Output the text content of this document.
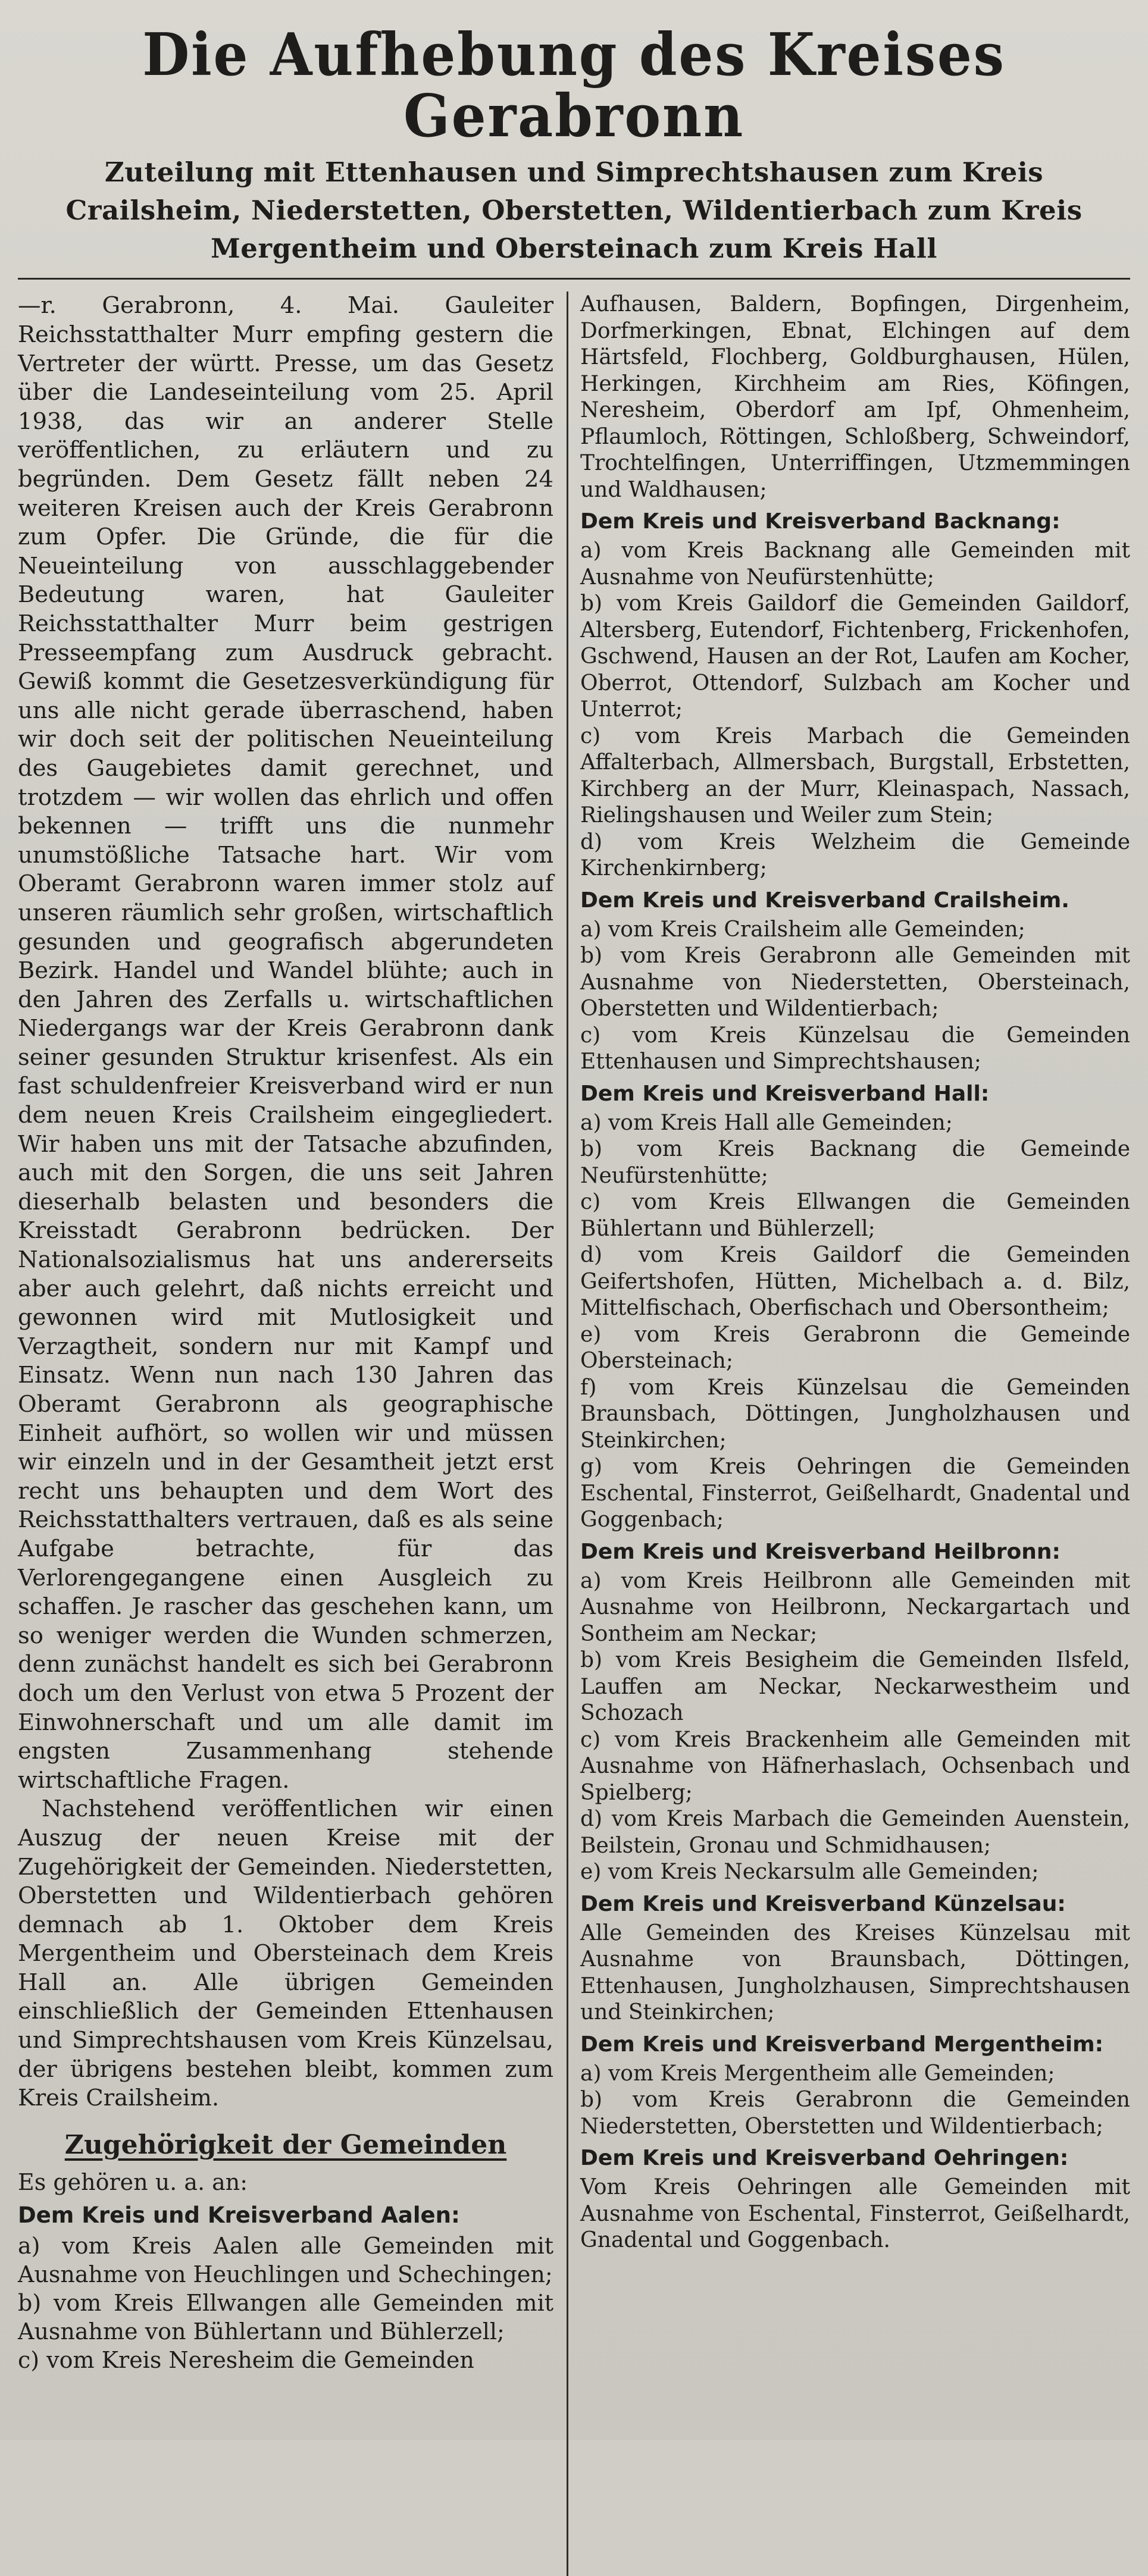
Die Aufhebung des Kreises Gerabronn

Zuteilung mit Ettenhausen und Simprechtshausen zum Kreis Crailsheim, Niederstetten, Oberstetten, Wildentierbach zum Kreis Mergentheim und Obersteinach zum Kreis Hall

—r. Gerabronn, 4. Mai. Gauleiter Reichsstatthalter Murr empfing gestern die Vertreter der württ. Presse, um das Gesetz über die Landeseinteilung vom 25. April 1938, das wir an anderer Stelle veröffentlichen, zu erläutern und zu begründen. Dem Gesetz fällt neben 24 weiteren Kreisen auch der Kreis Gerabronn zum Opfer. Die Gründe, die für die Neueinteilung von ausschlaggebender Bedeutung waren, hat Gauleiter Reichsstatthalter Murr beim gestrigen Presseempfang zum Ausdruck gebracht. Gewiß kommt die Gesetzesverkündigung für uns alle nicht gerade überraschend, haben wir doch seit der politischen Neueinteilung des Gaugebietes damit gerechnet, und trotzdem — wir wollen das ehrlich und offen bekennen — trifft uns die nunmehr unumstößliche Tatsache hart. Wir vom Oberamt Gerabronn waren immer stolz auf unseren räumlich sehr großen, wirtschaftlich gesunden und geografisch abgerundeten Bezirk. Handel und Wandel blühte; auch in den Jahren des Zerfalls u. wirtschaftlichen Niedergangs war der Kreis Gerabronn dank seiner gesunden Struktur krisenfest. Als ein fast schuldenfreier Kreisverband wird er nun dem neuen Kreis Crailsheim eingegliedert. Wir haben uns mit der Tatsache abzufinden, auch mit den Sorgen, die uns seit Jahren dieserhalb belasten und besonders die Kreisstadt Gerabronn bedrücken. Der Nationalsozialismus hat uns andererseits aber auch gelehrt, daß nichts erreicht und gewonnen wird mit Mutlosigkeit und Verzagtheit, sondern nur mit Kampf und Einsatz. Wenn nun nach 130 Jahren das Oberamt Gerabronn als geographische Einheit aufhört, so wollen wir und müssen wir einzeln und in der Gesamtheit jetzt erst recht uns behaupten und dem Wort des Reichsstatthalters vertrauen, daß es als seine Aufgabe betrachte, für das Verlorengegangene einen Ausgleich zu schaffen. Je rascher das geschehen kann, um so weniger werden die Wunden schmerzen, denn zunächst handelt es sich bei Gerabronn doch um den Verlust von etwa 5 Prozent der Einwohnerschaft und um alle damit im engsten Zusammenhang stehende wirtschaftliche Fragen.

Nachstehend veröffentlichen wir einen Auszug der neuen Kreise mit der Zugehörigkeit der Gemeinden. Niederstetten, Oberstetten und Wildentierbach gehören demnach ab 1. Oktober dem Kreis Mergentheim und Obersteinach dem Kreis Hall an. Alle übrigen Gemeinden einschließlich der Gemeinden Ettenhausen und Simprechtshausen vom Kreis Künzelsau, der übrigens bestehen bleibt, kommen zum Kreis Crailsheim.

Zugehörigkeit der Gemeinden

Es gehören u. a. an:

Dem Kreis und Kreisverband Aalen:

a) vom Kreis Aalen alle Gemeinden mit Ausnahme von Heuchlingen und Schechingen;

b) vom Kreis Ellwangen alle Gemeinden mit Ausnahme von Bühlertann und Bühlerzell;

c) vom Kreis Neresheim die Gemeinden

Aufhausen, Baldern, Bopfingen, Dirgenheim, Dorfmerkingen, Ebnat, Elchingen auf dem Härtsfeld, Flochberg, Goldburghausen, Hülen, Herkingen, Kirchheim am Ries, Köfingen, Neresheim, Oberdorf am Ipf, Ohmenheim, Pflaumloch, Röttingen, Schloßberg, Schweindorf, Trochtelfingen, Unterriffingen, Utzmemmingen und Waldhausen;

Dem Kreis und Kreisverband Backnang:

a) vom Kreis Backnang alle Gemeinden mit Ausnahme von Neufürstenhütte;

b) vom Kreis Gaildorf die Gemeinden Gaildorf, Altersberg, Eutendorf, Fichtenberg, Frickenhofen, Gschwend, Hausen an der Rot, Laufen am Kocher, Oberrot, Ottendorf, Sulzbach am Kocher und Unterrot;

c) vom Kreis Marbach die Gemeinden Affalterbach, Allmersbach, Burgstall, Erbstetten, Kirchberg an der Murr, Kleinaspach, Nassach, Rielingshausen und Weiler zum Stein;

d) vom Kreis Welzheim die Gemeinde Kirchenkirnberg;

Dem Kreis und Kreisverband Crailsheim.

a) vom Kreis Crailsheim alle Gemeinden;

b) vom Kreis Gerabronn alle Gemeinden mit Ausnahme von Niederstetten, Obersteinach, Oberstetten und Wildentierbach;

c) vom Kreis Künzelsau die Gemeinden Ettenhausen und Simprechtshausen;

Dem Kreis und Kreisverband Hall:

a) vom Kreis Hall alle Gemeinden;

b) vom Kreis Backnang die Gemeinde Neufürstenhütte;

c) vom Kreis Ellwangen die Gemeinden Bühlertann und Bühlerzell;

d) vom Kreis Gaildorf die Gemeinden Geifertshofen, Hütten, Michelbach a. d. Bilz, Mittelfischach, Oberfischach und Obersontheim;

e) vom Kreis Gerabronn die Gemeinde Obersteinach;

f) vom Kreis Künzelsau die Gemeinden Braunsbach, Döttingen, Jungholzhausen und Steinkirchen;

g) vom Kreis Oehringen die Gemeinden Eschental, Finsterrot, Geißelhardt, Gnadental und Goggenbach;

Dem Kreis und Kreisverband Heilbronn:

a) vom Kreis Heilbronn alle Gemeinden mit Ausnahme von Heilbronn, Neckargartach und Sontheim am Neckar;

b) vom Kreis Besigheim die Gemeinden Ilsfeld, Lauffen am Neckar, Neckarwestheim und Schozach

c) vom Kreis Brackenheim alle Gemeinden mit Ausnahme von Häfnerhaslach, Ochsenbach und Spielberg;

d) vom Kreis Marbach die Gemeinden Auenstein, Beilstein, Gronau und Schmidhausen;

e) vom Kreis Neckarsulm alle Gemeinden;

Dem Kreis und Kreisverband Künzelsau:

Alle Gemeinden des Kreises Künzelsau mit Ausnahme von Braunsbach, Döttingen, Ettenhausen, Jungholzhausen, Simprechtshausen und Steinkirchen;

Dem Kreis und Kreisverband Mergentheim:

a) vom Kreis Mergentheim alle Gemeinden;

b) vom Kreis Gerabronn die Gemeinden Niederstetten, Oberstetten und Wildentierbach;

Dem Kreis und Kreisverband Oehringen:

Vom Kreis Oehringen alle Gemeinden mit Ausnahme von Eschental, Finsterrot, Geißelhardt, Gnadental und Goggenbach.
